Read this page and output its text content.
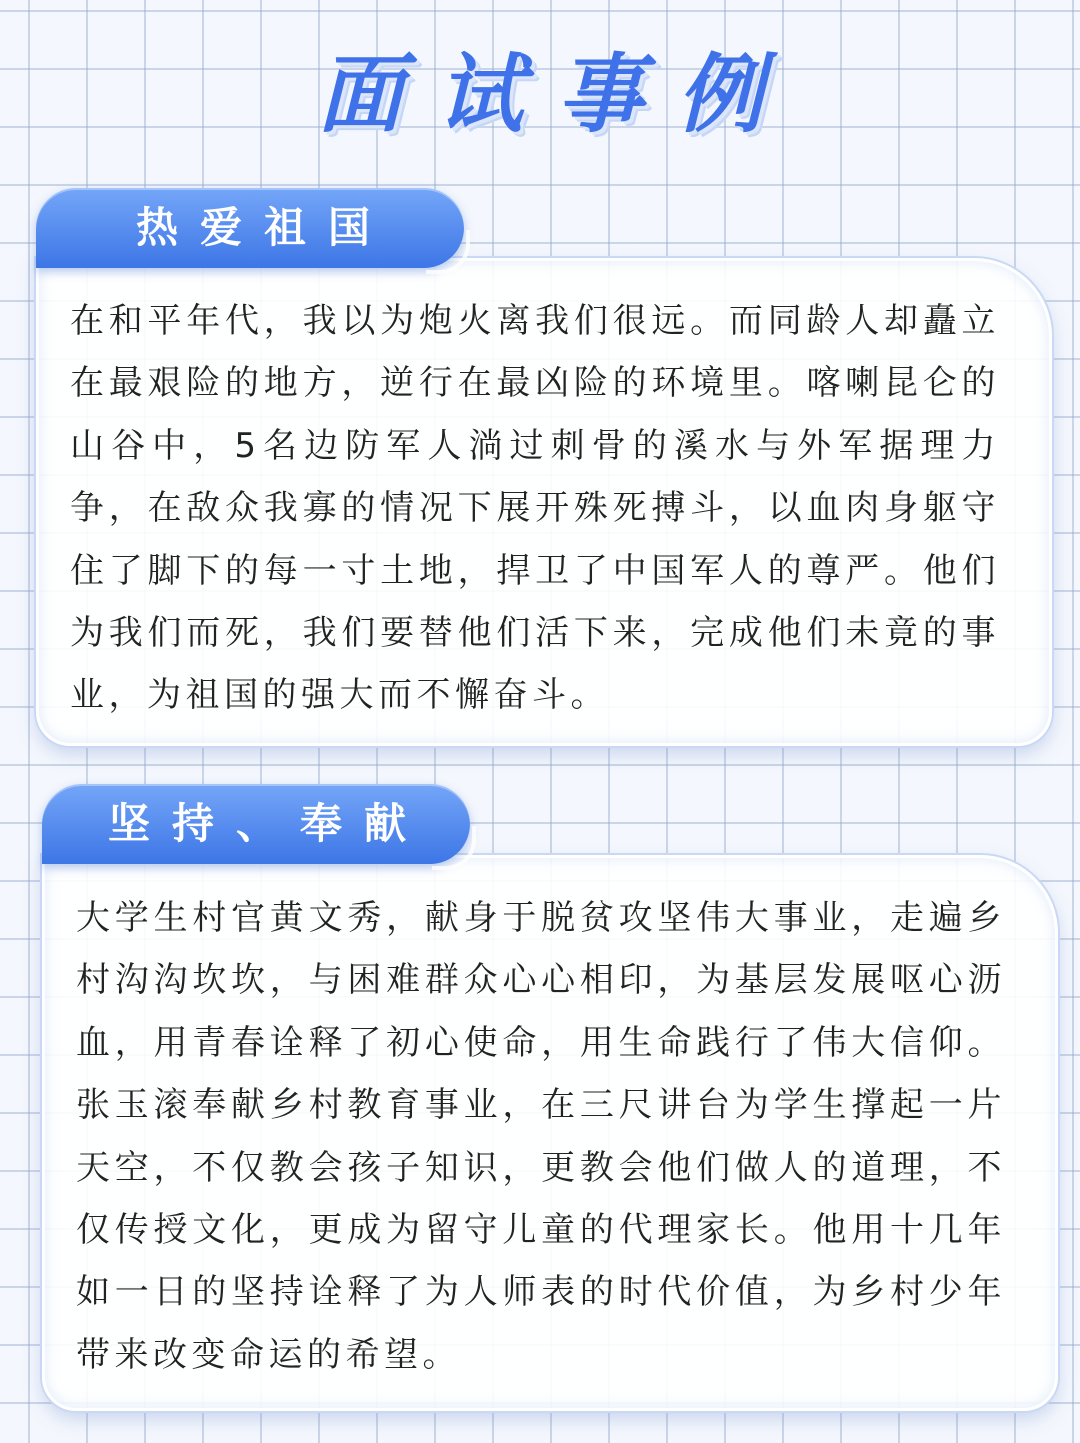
面试事例
热爱祖国

在和平年代，我以为炮火离我们很远。而同龄人却矗立在最艰险的地方，逆行在最凶险的环境里。喀喇昆仑的山谷中，5名边防军人淌过刺骨的溪水与外军据理力争，在敌众我寡的情况下展开殊死搏斗，以血肉身躯守住了脚下的每一寸土地，捍卫了中国军人的尊严。他们为我们而死，我们要替他们活下来，完成他们未竟的事业，为祖国的强大而不懈奋斗。

坚持、奉献

大学生村官黄文秀，献身于脱贫攻坚伟大事业，走遍乡村沟沟坎坎，与困难群众心心相印，为基层发展呕心沥血，用青春诠释了初心使命，用生命践行了伟大信仰。张玉滚奉献乡村教育事业，在三尺讲台为学生撑起一片天空，不仅教会孩子知识，更教会他们做人的道理，不仅传授文化，更成为留守儿童的代理家长。他用十几年如一日的坚持诠释了为人师表的时代价值，为乡村少年带来改变命运的希望。
